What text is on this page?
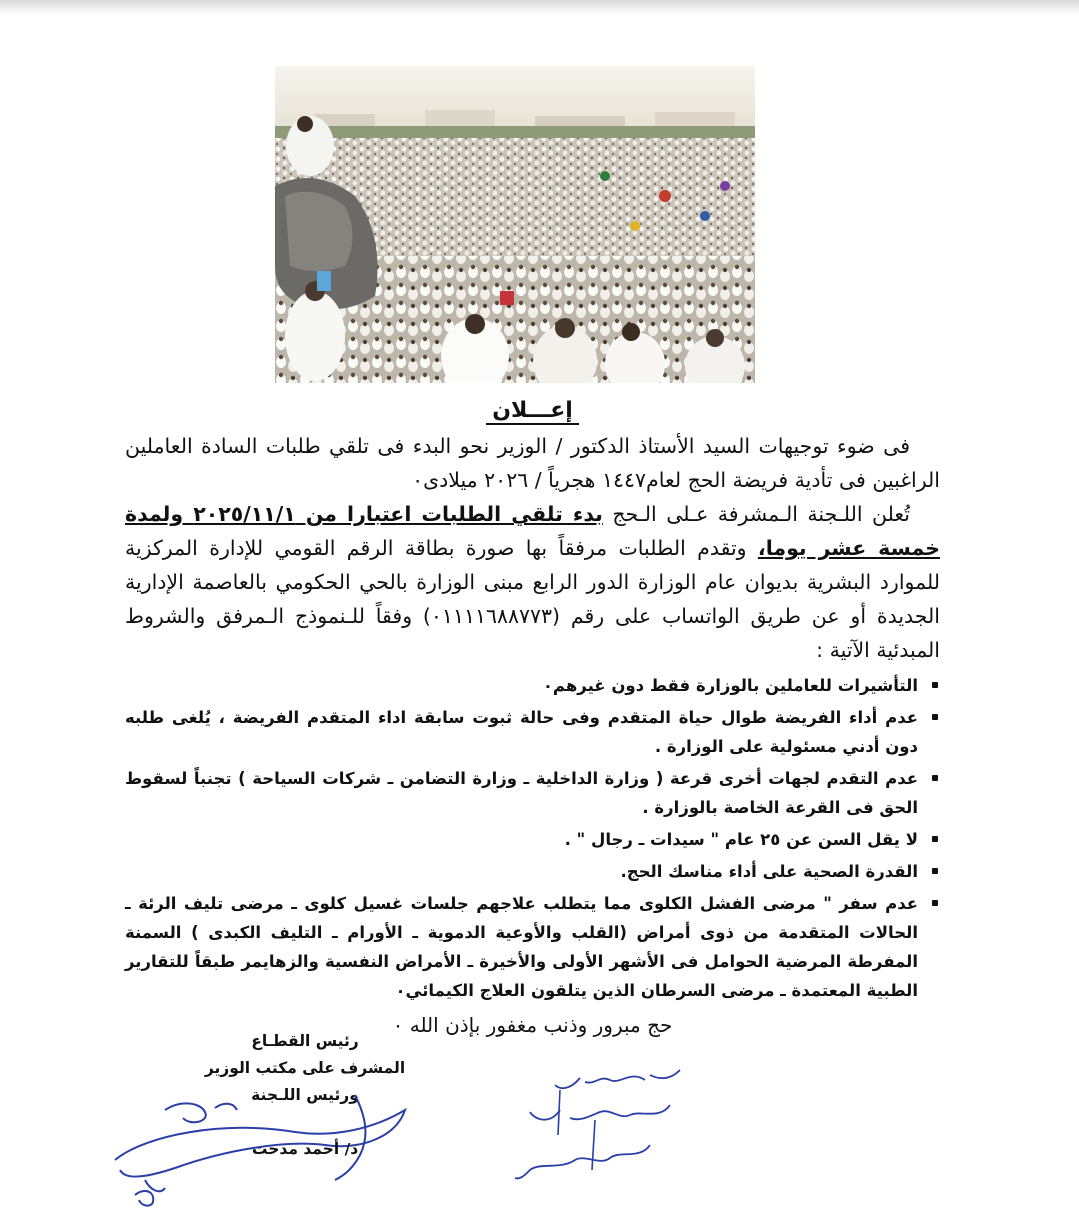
إعـــلان

فى ضوء توجيهات السيد الأستاذ الدكتور / الوزير نحو البدء فى تلقي طلبات السادة العاملين الراغبين فى تأدية فريضة الحج لعام١٤٤٧ هجرياً / ٢٠٢٦ ميلادى٠

تُعلن اللـجنة الـمشرفة عـلى الـحج بدء تلقي الطلبات اعتبارا من ٢٠٢٥/١١/١ ولمدة خمسة عشر يوما، وتقدم الطلبات مرفقاً بها صورة بطاقة الرقم القومي للإدارة المركزية للموارد البشرية بديوان عام الوزارة الدور الرابع مبنى الوزارة بالحي الحكومي بالعاصمة الإدارية الجديدة أو عن طريق الواتساب على رقم (٠١١١١٦٨٨٧٧٣) وفقاً للـنموذج الـمرفق والشروط المبدئية الآتية :

التأشيرات للعاملين بالوزارة فقط دون غيرهم٠
عدم أداء الفريضة طوال حياة المتقدم وفى حالة ثبوت سابقة اداء المتقدم الفريضة ، يُلغى طلبه دون أدني مسئولية على الوزارة .
عدم التقدم لجهات أخرى قرعة ( وزارة الداخلية ـ وزارة التضامن ـ شركات السياحة ) تجنباً لسقوط الحق فى القرعة الخاصة بالوزارة .
لا يقل السن عن ٢٥ عام " سيدات ـ رجال " .
القدرة الصحية على أداء مناسك الحج.
عدم سفر " مرضى الفشل الكلوى مما يتطلب علاجهم جلسات غسيل كلوى ـ مرضى تليف الرئة ـ الحالات المتقدمة من ذوى أمراض (القلب والأوعية الدموية ـ الأورام ـ التليف الكبدى ) السمنة المفرطة المرضية الحوامل فى الأشهر الأولى والأخيرة ـ الأمراض النفسية والزهايمر طبقاً للتقارير الطبية المعتمدة ـ مرضى السرطان الذين يتلقون العلاج الكيمائي٠
حج مبرور وذنب مغفور بإذن الله ٠
رئيس القطـاع
المشرف على مكتب الوزير
ورئيس اللـجنة
د/ أحمد مدحت
